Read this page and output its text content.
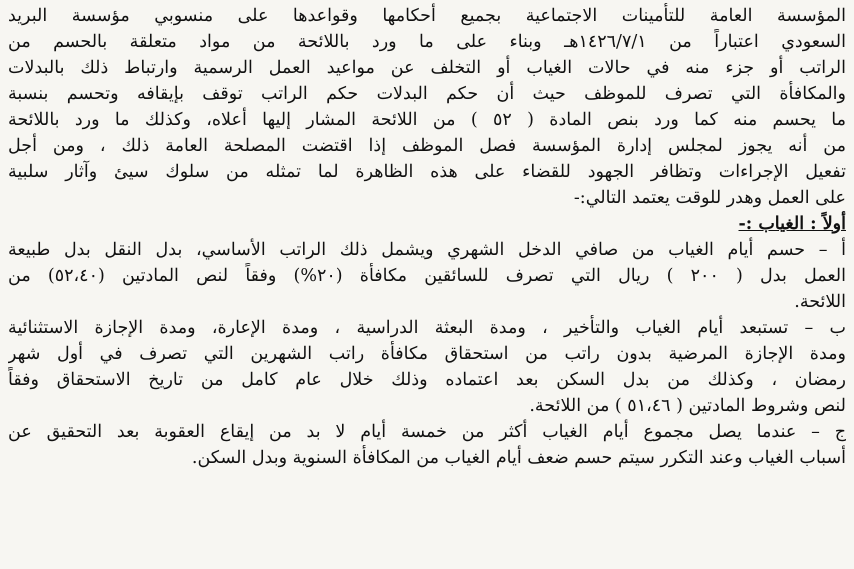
المؤسسة العامة للتأمينات الاجتماعية بجميع أحكامها وقواعدها على منسوبي مؤسسة البريد

السعودي اعتباراً من ١٤٢٦/٧/١هـ وبناء على ما ورد باللائحة من مواد متعلقة بالحسم من

الراتب أو جزء منه في حالات الغياب أو التخلف عن مواعيد العمل الرسمية وارتباط ذلك بالبدلات

والمكافأة التي تصرف للموظف حيث أن حكم البدلات حكم الراتب توقف بإيقافه وتحسم بنسبة

ما يحسم منه كما ورد بنص المادة ( ٥٢ ) من اللائحة المشار إليها أعلاه، وكذلك ما ورد باللائحة

من أنه يجوز لمجلس إدارة المؤسسة فصل الموظف إذا اقتضت المصلحة العامة ذلك ، ومن أجل

تفعيل الإجراءات وتظافر الجهود للقضاء على هذه الظاهرة لما تمثله من سلوك سيئ وآثار سلبية

على العمل وهدر للوقت يعتمد التالي:-

أولاً : الغياب :-

أ – حسم أيام الغياب من صافي الدخل الشهري ويشمل ذلك الراتب الأساسي، بدل النقل بدل طبيعة

العمل بدل ( ٢٠٠ ) ريال التي تصرف للسائقين مكافأة (٢٠%) وفقاً لنص المادتين (٥٢،٤٠) من

اللائحة.

ب – تستبعد أيام الغياب والتأخير ، ومدة البعثة الدراسية ، ومدة الإعارة، ومدة الإجازة الاستثنائية

ومدة الإجازة المرضية بدون راتب من استحقاق مكافأة راتب الشهرين التي تصرف في أول شهر

رمضان ، وكذلك من بدل السكن بعد اعتماده وذلك خلال عام كامل من تاريخ الاستحقاق وفقاً

لنص وشروط المادتين ( ٥١،٤٦ ) من اللائحة.

ج – عندما يصل مجموع أيام الغياب أكثر من خمسة أيام لا بد من إيقاع العقوبة بعد التحقيق عن

أسباب الغياب وعند التكرر سيتم حسم ضعف أيام الغياب من المكافأة السنوية وبدل السكن.
